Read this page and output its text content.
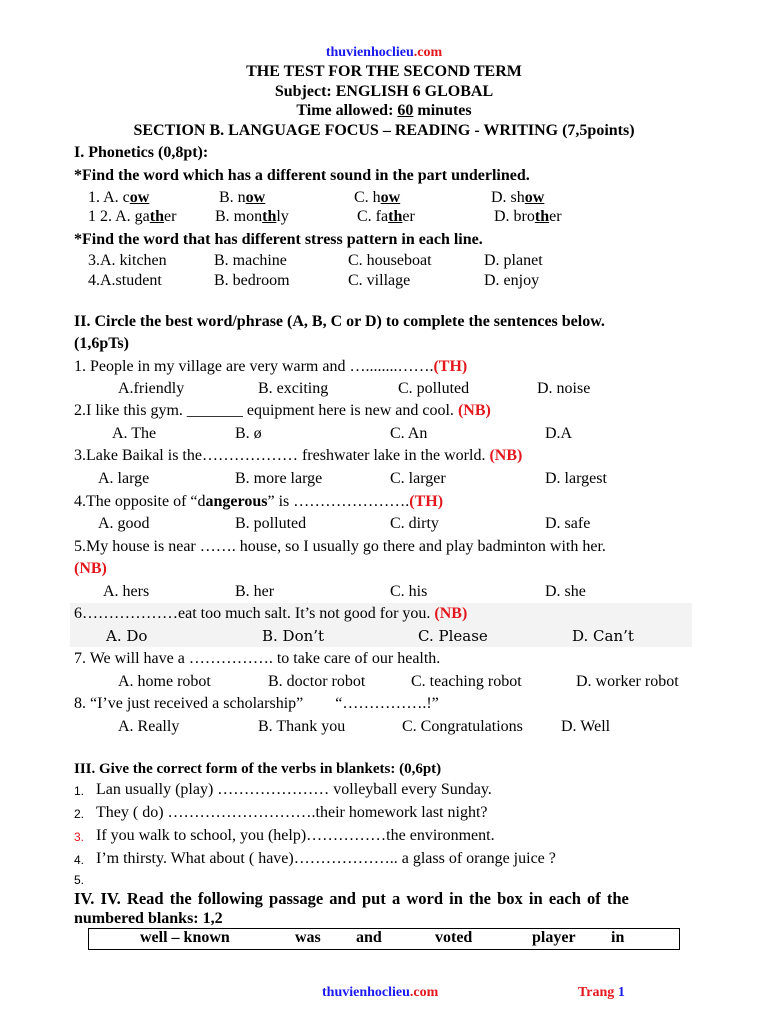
thuvienhoclieu.com
THE TEST FOR THE SECOND TERM
Subject: ENGLISH 6 GLOBAL
Time allowed: 60 minutes
SECTION B. LANGUAGE FOCUS – READING - WRITING (7,5points)
I. Phonetics (0,8pt):
*Find the word which has a different sound in the part underlined.
1. A. cow	B. now	C. how	D. show
1 2. A. gather B. monthly	C. father	D. brother
*Find the word that has different stress pattern in each line.
3.A. kitchen	B. machine	C. houseboat	D. planet
4.A.student	B. bedroom	C. village	D. enjoy
II. Circle the best word/phrase (A, B, C or D) to complete the sentences below.
(1,6pTs)
1. People in my village are very warm and …........…….(TH)
A.friendly	B. exciting	C. polluted	D. noise
2.I like this gym. _______ equipment here is new and cool. (NB)
A. The	B. ø	C. An	D.A
3.Lake Baikal is the……………… freshwater lake in the world. (NB)
A. large	B. more large	C. larger	D. largest
4.The opposite of “dangerous” is ………………….(TH)
A. good	B. polluted	C. dirty	D. safe
5.My house is near ……. house, so I usually go there and play badminton with her.
(NB)
A. hers	B. her	C. his	D. she
6………………eat too much salt. It’s not good for you. (NB)
A. Do	B. Don’t	C. Please	D. Can’t
7. We will have a ……………. to take care of our health.
A. home robot	B. doctor robot	C. teaching robot	D. worker robot
8. “I’ve just received a scholarship”        “…………….!”
A. Really	B. Thank you	C. Congratulations D. Well
III. Give the correct form of the verbs in blankets: (0,6pt)
1. Lan usually (play) ………………… volleyball every Sunday.
2. They ( do) ……………………….their homework last night?
3. If you walk to school, you (help)……………the environment.
4. I’m thirsty. What about ( have)……………….. a glass of orange juice ?
5.
IV. IV. Read the following passage and put a word in the box in each of the
numbered blanks: 1,2
well – known	was and	voted	player in
thuvienhoclieu.com	Trang 1
